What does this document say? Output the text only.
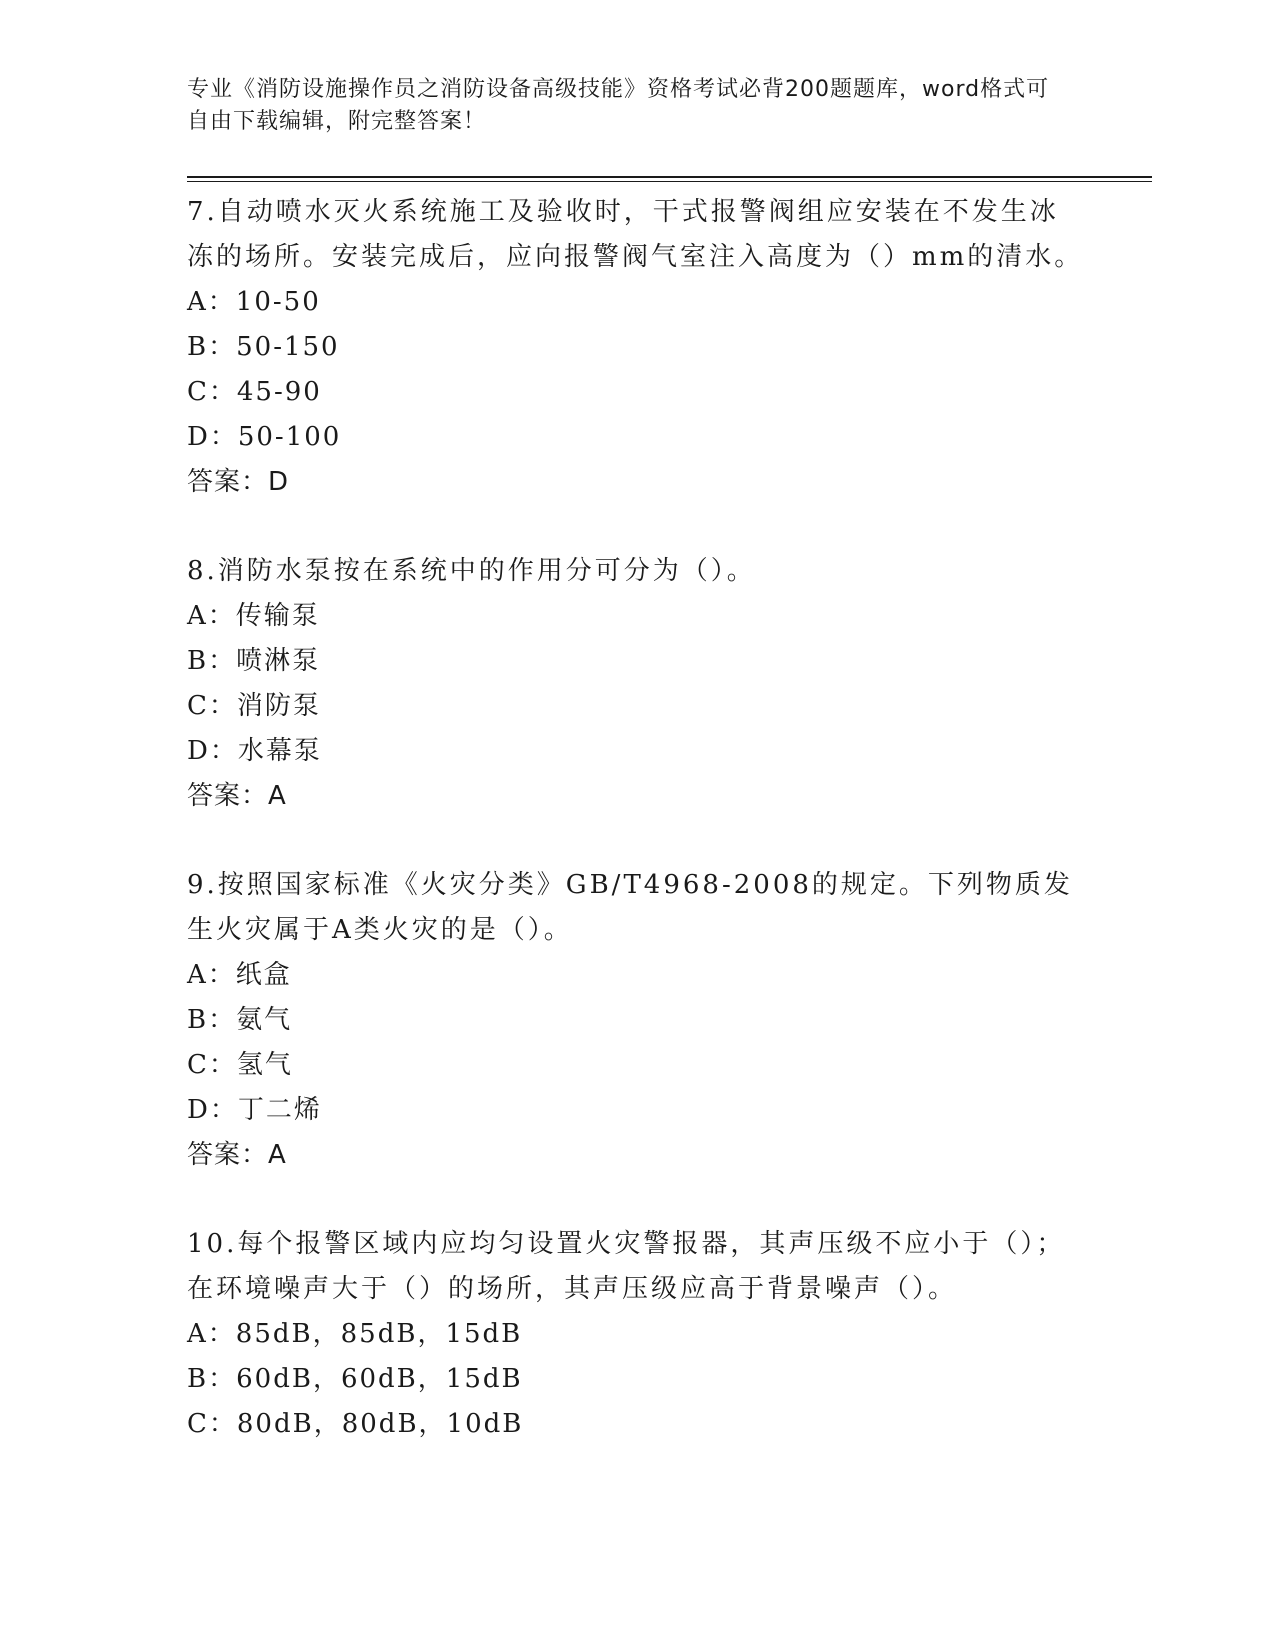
专业《消防设施操作员之消防设备高级技能》资格考试必背200题题库，word格式可自由下载编辑，附完整答案！
7.自动喷水灭火系统施工及验收时，干式报警阀组应安装在不发生冰冻的场所。安装完成后，应向报警阀气室注入高度为（）mm的清水。
A：10-50
B：50-150
C：45-90
D：50-100
答案：D
8.消防水泵按在系统中的作用分可分为（）。
A：传输泵
B：喷淋泵
C：消防泵
D：水幕泵
答案：A
9.按照国家标准《火灾分类》GB/T4968-2008的规定。下列物质发生火灾属于A类火灾的是（）。
A：纸盒
B：氨气
C：氢气
D：丁二烯
答案：A
10.每个报警区域内应均匀设置火灾警报器，其声压级不应小于（）；在环境噪声大于（）的场所，其声压级应高于背景噪声（）。
A：85dB，85dB，15dB
B：60dB，60dB，15dB
C：80dB，80dB，10dB
